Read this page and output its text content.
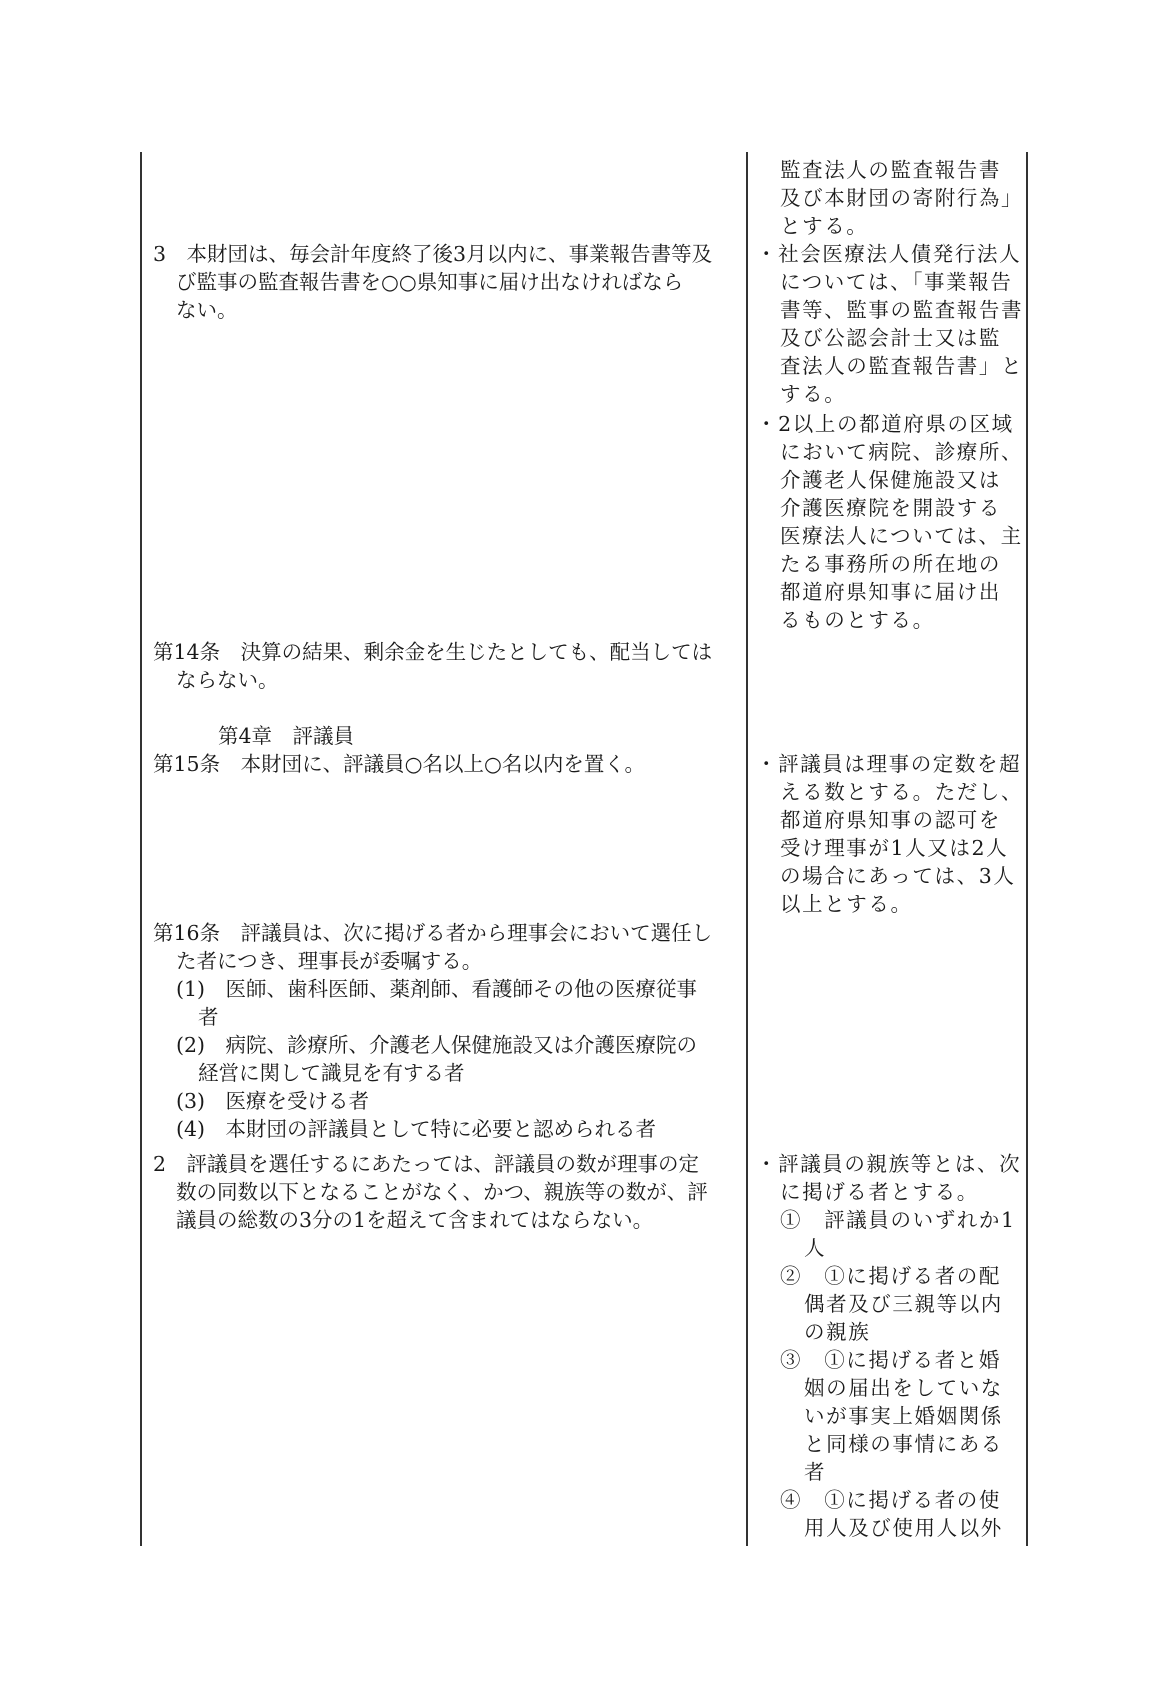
3　本財団は、毎会計年度終了後3月以内に、事業報告書等及

び監事の監査報告書を○○県知事に届け出なければなら

ない。

第14条　決算の結果、剰余金を生じたとしても、配当しては

ならない。

第4章　評議員

第15条　本財団に、評議員○名以上○名以内を置く。

第16条　評議員は、次に掲げる者から理事会において選任し

た者につき、理事長が委嘱する。

(1)　医師、歯科医師、薬剤師、看護師その他の医療従事

者

(2)　病院、診療所、介護老人保健施設又は介護医療院の

経営に関して識見を有する者

(3)　医療を受ける者

(4)　本財団の評議員として特に必要と認められる者

2　評議員を選任するにあたっては、評議員の数が理事の定

数の同数以下となることがなく、かつ、親族等の数が、評

議員の総数の3分の1を超えて含まれてはならない。

監査法人の監査報告書

及び本財団の寄附行為」

とする。

・社会医療法人債発行法人

については、「事業報告

書等、監事の監査報告書

及び公認会計士又は監

査法人の監査報告書」と

する。

・2以上の都道府県の区域

において病院、診療所、

介護老人保健施設又は

介護医療院を開設する

医療法人については、主

たる事務所の所在地の

都道府県知事に届け出

るものとする。

・評議員は理事の定数を超

える数とする。ただし、

都道府県知事の認可を

受け理事が1人又は2人

の場合にあっては、3人

以上とする。

・評議員の親族等とは、次

に掲げる者とする。

①　評議員のいずれか1

人

②　①に掲げる者の配

偶者及び三親等以内

の親族

③　①に掲げる者と婚

姻の届出をしていな

いが事実上婚姻関係

と同様の事情にある

者

④　①に掲げる者の使

用人及び使用人以外
